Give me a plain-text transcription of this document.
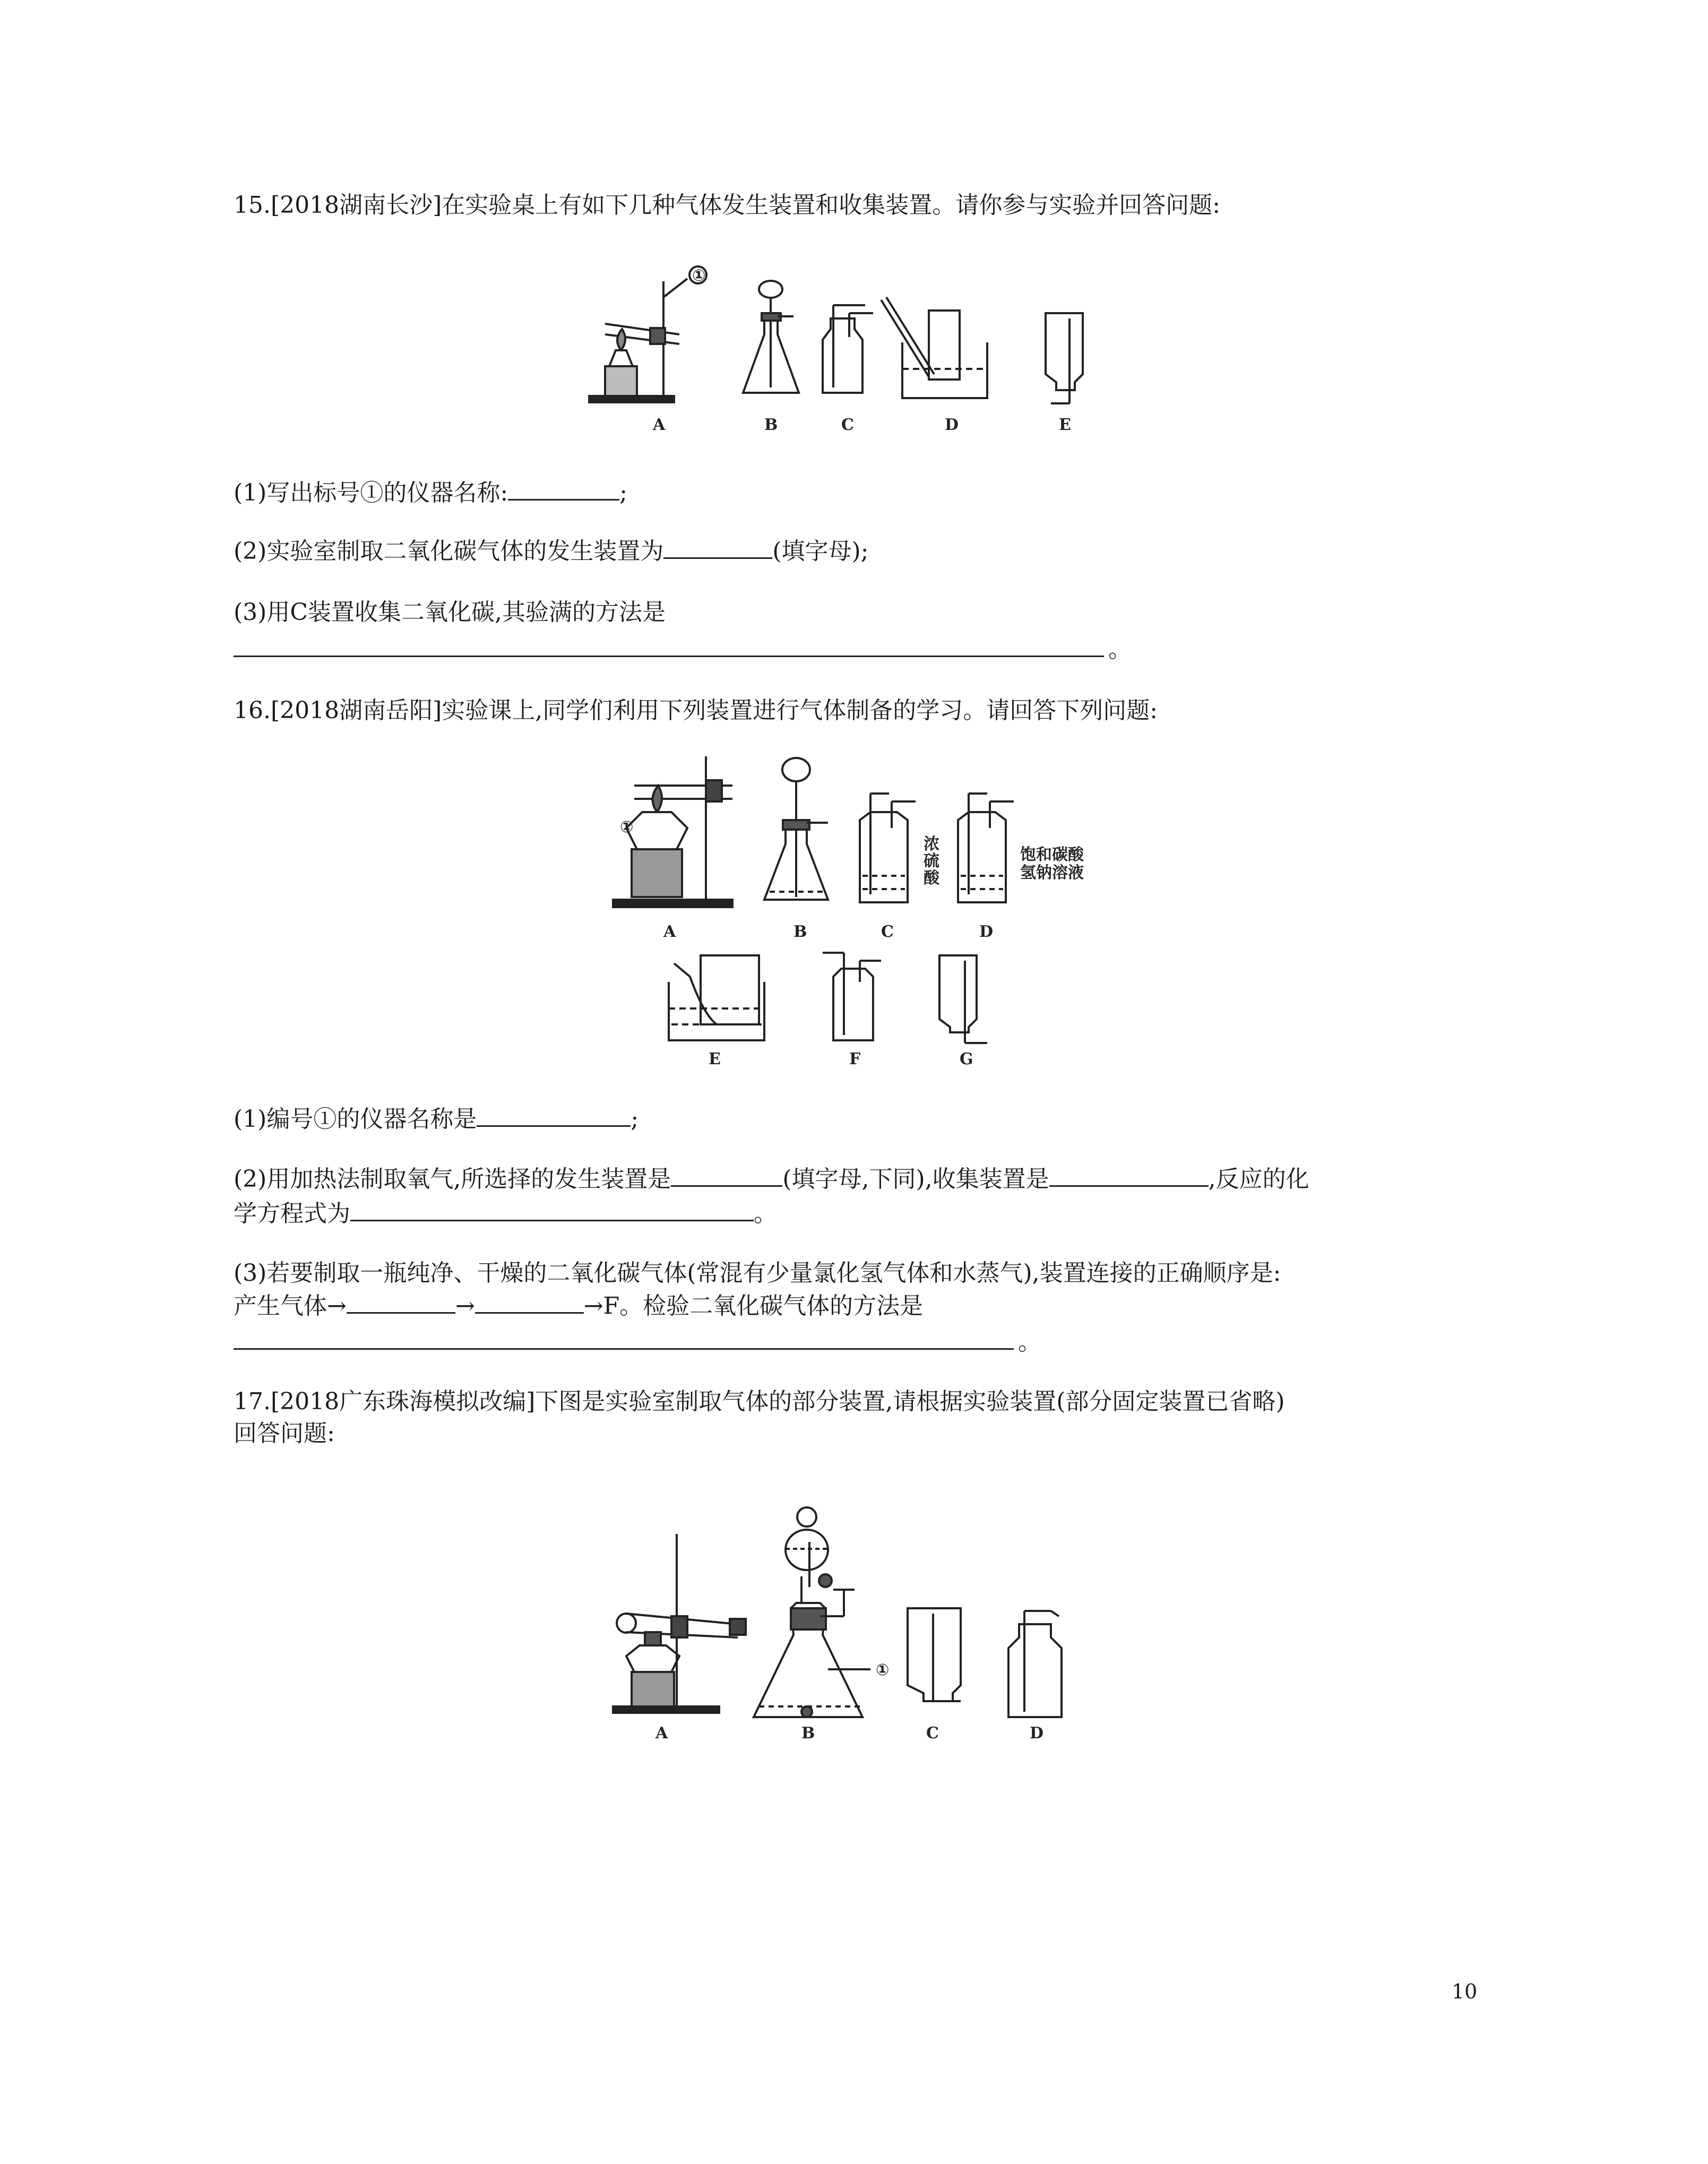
15.[2018湖南长沙]在实验桌上有如下几种气体发生装置和收集装置。请你参与实验并回答问题:
①
A	B	C	D	E
(1)写出标号①的仪器名称:	;
(2)实验室制取二氧化碳气体的发生装置为	(填字母);
(3)用C装置收集二氧化碳,其验满的方法是
。
16.[2018湖南岳阳]实验课上,同学们利用下列装置进行气体制备的学习。请回答下列问题:
①
浓
硫
酸
饱和碳酸
氢钠溶液
A	B	C	D
E	F	G
(1)编号①的仪器名称是	;
(2)用加热法制取氧气,所选择的发生装置是	(填字母,下同),收集装置是	,反应的化
学方程式为	。
(3)若要制取一瓶纯净、干燥的二氧化碳气体(常混有少量氯化氢气体和水蒸气),装置连接的正确顺序是:
产生气体→	→	→F。检验二氧化碳气体的方法是
。
17.[2018广东珠海模拟改编]下图是实验室制取气体的部分装置,请根据实验装置(部分固定装置已省略)
回答问题:
①
A	B	C	D
10
